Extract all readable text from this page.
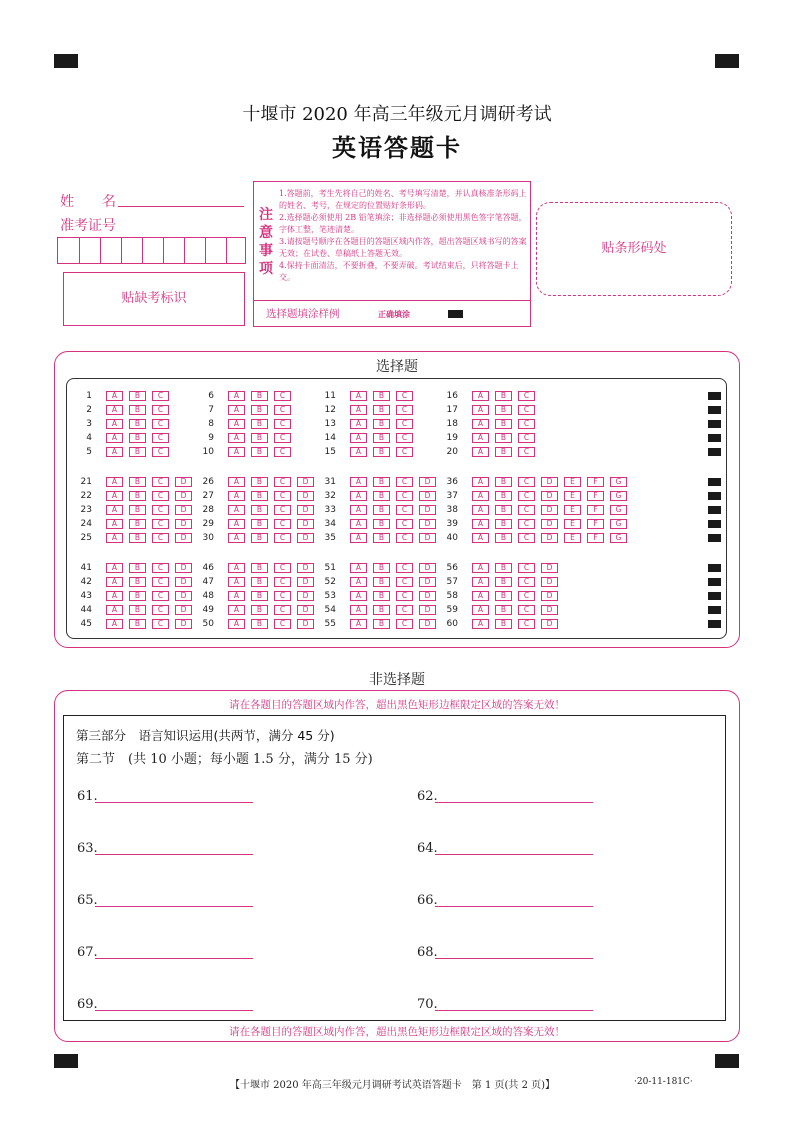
十堰市 2020 年高三年级元月调研考试
英语答题卡
姓　　名
准考证号
贴缺考标识
注
意
事
项
1.答题前，考生先将自己的姓名、考号填写清楚，并认真核准条形码上的姓名、考号，在规定的位置贴好条形码。
2.选择题必须使用 2B 铅笔填涂；非选择题必须使用黑色签字笔答题，字体工整，笔迹清楚。
3.请按题号顺序在各题目的答题区域内作答，超出答题区域书写的答案无效；在试卷、草稿纸上答题无效。
4.保持卡面清洁，不要折叠，不要弄破。考试结束后，只将答题卡上交。
选择题填涂样例	正确填涂
贴条形码处
选择题
1	A	B	C
2	A	B	C
3	A	B	C
4	A	B	C
5	A	B	C
6	A	B	C
7	A	B	C
8	A	B	C
9	A	B	C
10	A	B	C
11	A	B	C
12	A	B	C
13	A	B	C
14	A	B	C
15	A	B	C
16	A	B	C
17	A	B	C
18	A	B	C
19	A	B	C
20	A	B	C
21	A	B	C	D
22	A	B	C	D
23	A	B	C	D
24	A	B	C	D
25	A	B	C	D
26	A	B	C	D
27	A	B	C	D
28	A	B	C	D
29	A	B	C	D
30	A	B	C	D
31	A	B	C	D
32	A	B	C	D
33	A	B	C	D
34	A	B	C	D
35	A	B	C	D
36	A	B	C	D	E	F	G
37	A	B	C	D	E	F	G
38	A	B	C	D	E	F	G
39	A	B	C	D	E	F	G
40	A	B	C	D	E	F	G
41	A	B	C	D
42	A	B	C	D
43	A	B	C	D
44	A	B	C	D
45	A	B	C	D
46	A	B	C	D
47	A	B	C	D
48	A	B	C	D
49	A	B	C	D
50	A	B	C	D
51	A	B	C	D
52	A	B	C	D
53	A	B	C	D
54	A	B	C	D
55	A	B	C	D
56	A	B	C	D
57	A	B	C	D
58	A	B	C	D
59	A	B	C	D
60	A	B	C	D
非选择题
请在各题目的答题区域内作答，超出黑色矩形边框限定区域的答案无效！
第三部分　语言知识运用(共两节，满分 45 分)
第二节　(共 10 小题；每小题 1.5 分，满分 15 分)
61.	62.
63.	64.
65.	66.
67.	68.
69.	70.
请在各题目的答题区域内作答，超出黑色矩形边框限定区域的答案无效！
【十堰市 2020 年高三年级元月调研考试英语答题卡　第 1 页(共 2 页)】	·20-11-181C·
